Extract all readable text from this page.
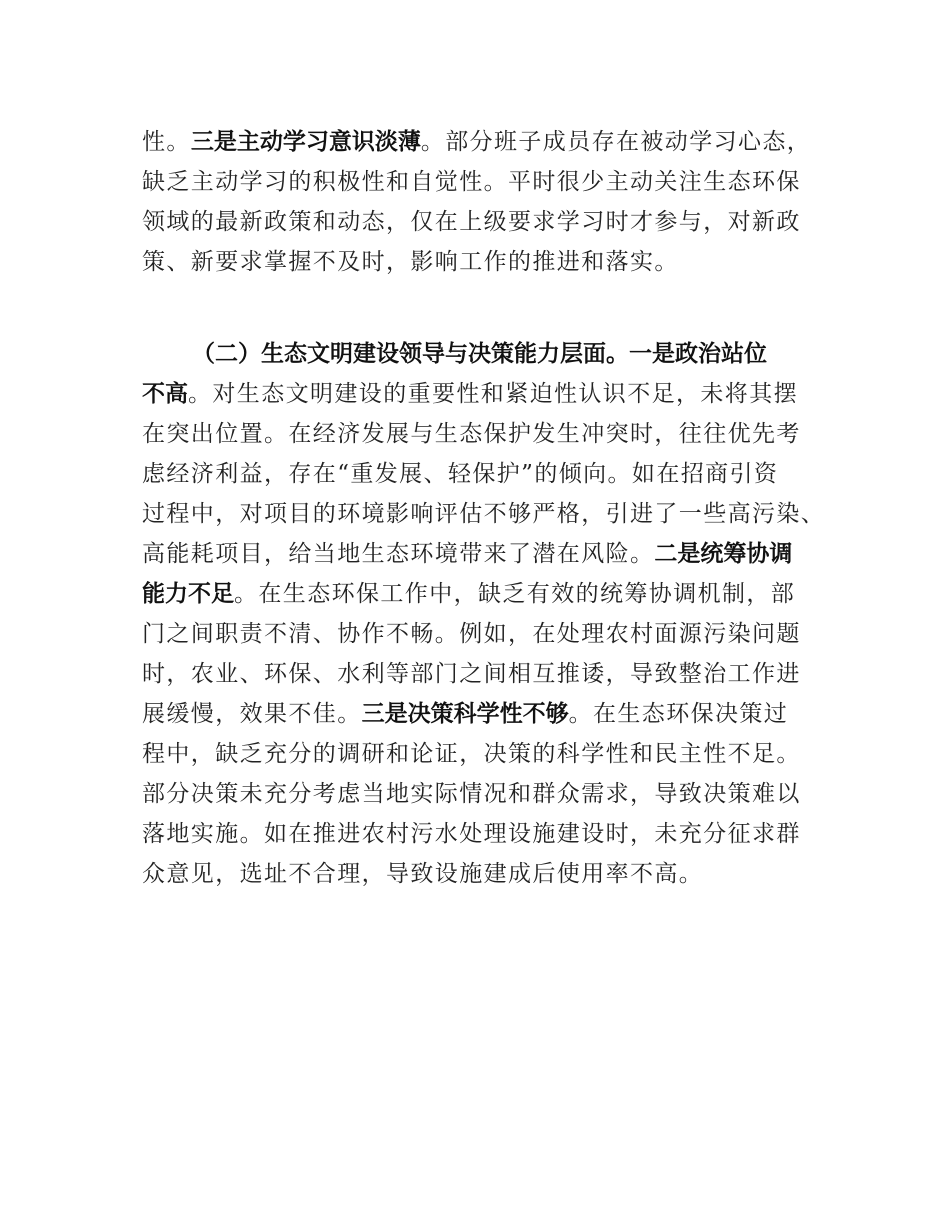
性。三是主动学习意识淡薄。部分班子成员存在被动学习心态，
缺乏主动学习的积极性和自觉性。平时很少主动关注生态环保
领域的最新政策和动态，仅在上级要求学习时才参与，对新政
策、新要求掌握不及时，影响工作的推进和落实。
（二）生态文明建设领导与决策能力层面。一是政治站位
不高。对生态文明建设的重要性和紧迫性认识不足，未将其摆
在突出位置。在经济发展与生态保护发生冲突时，往往优先考
虑经济利益，存在“重发展、轻保护”的倾向。如在招商引资
过程中，对项目的环境影响评估不够严格，引进了一些高污染、
高能耗项目，给当地生态环境带来了潜在风险。二是统筹协调
能力不足。在生态环保工作中，缺乏有效的统筹协调机制，部
门之间职责不清、协作不畅。例如，在处理农村面源污染问题
时，农业、环保、水利等部门之间相互推诿，导致整治工作进
展缓慢，效果不佳。三是决策科学性不够。在生态环保决策过
程中，缺乏充分的调研和论证，决策的科学性和民主性不足。
部分决策未充分考虑当地实际情况和群众需求，导致决策难以
落地实施。如在推进农村污水处理设施建设时，未充分征求群
众意见，选址不合理，导致设施建成后使用率不高。
